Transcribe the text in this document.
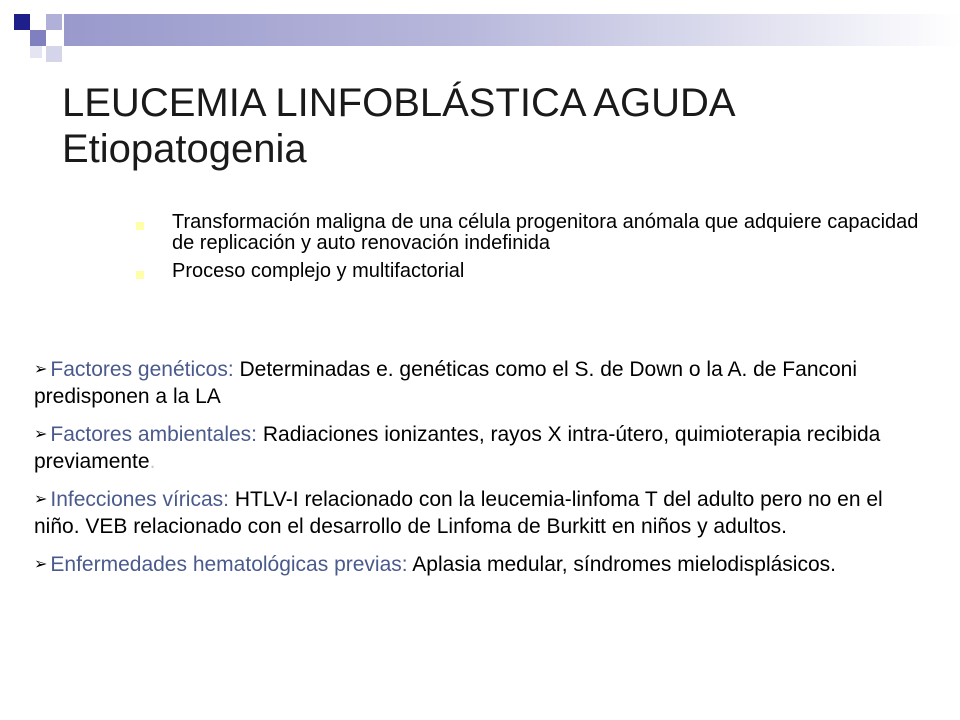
LEUCEMIA LINFOBLÁSTICA AGUDA
Etiopatogenia
Transformación maligna de una célula progenitora anómala que adquiere capacidad de replicación y auto renovación indefinida
Proceso complejo y multifactorial
➢ Factores genéticos: Determinadas e. genéticas como el S. de Down o la A. de Fanconi predisponen a la LA
➢ Factores ambientales: Radiaciones ionizantes, rayos X intra-útero, quimioterapia recibida previamente.
➢ Infecciones víricas: HTLV-I relacionado con la leucemia-linfoma T del adulto pero no en el niño. VEB relacionado con el desarrollo de Linfoma de Burkitt en niños y adultos.
➢ Enfermedades hematológicas previas: Aplasia medular, síndromes mielodisplásicos.
